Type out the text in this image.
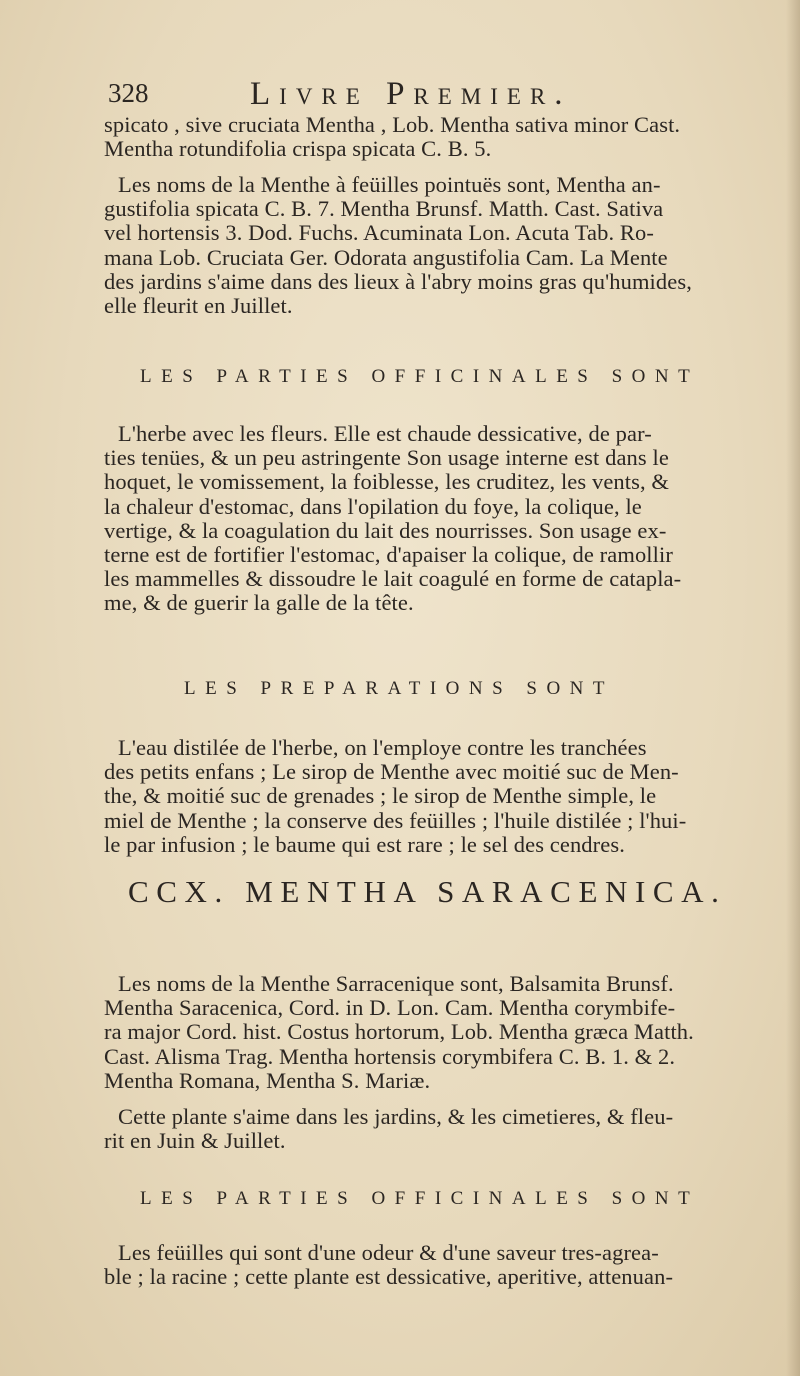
328	Livre Premier.

spicato , sive cruciata Mentha , Lob. Mentha sativa minor Cast.

Mentha rotundifolia crispa spicata C. B. 5.

Les noms de la Menthe à feüilles pointuës sont, Mentha an-

gustifolia spicata C. B. 7. Mentha Brunsf. Matth. Cast. Sativa

vel hortensis 3. Dod. Fuchs. Acuminata Lon. Acuta Tab. Ro-

mana Lob. Cruciata Ger. Odorata angustifolia Cam. La Mente

des jardins s'aime dans des lieux à l'abry moins gras qu'humides,

elle fleurit en Juillet.

LES PARTIES OFFICINALES SONT

L'herbe avec les fleurs. Elle est chaude dessicative, de par-

ties tenües, & un peu astringente Son usage interne est dans le

hoquet, le vomissement, la foiblesse, les cruditez, les vents, &

la chaleur d'estomac, dans l'opilation du foye, la colique, le

vertige, & la coagulation du lait des nourrisses. Son usage ex-

terne est de fortifier l'estomac, d'apaiser la colique, de ramollir

les mammelles & dissoudre le lait coagulé en forme de catapla-

me, & de guerir la galle de la tête.

LES PREPARATIONS SONT

L'eau distilée de l'herbe, on l'employe contre les tranchées

des petits enfans ; Le sirop de Menthe avec moitié suc de Men-

the, & moitié suc de grenades ; le sirop de Menthe simple, le

miel de Menthe ; la conserve des feüilles ; l'huile distilée ; l'hui-

le par infusion ; le baume qui est rare ; le sel des cendres.

CCX. MENTHA SARACENICA.

Les noms de la Menthe Sarracenique sont, Balsamita Brunsf.

Mentha Saracenica, Cord. in D. Lon. Cam. Mentha corymbife-

ra major Cord. hist. Costus hortorum, Lob. Mentha græca Matth.

Cast. Alisma Trag. Mentha hortensis corymbifera C. B. 1. & 2.

Mentha Romana, Mentha S. Mariæ.

Cette plante s'aime dans les jardins, & les cimetieres, & fleu-

rit en Juin & Juillet.

LES PARTIES OFFICINALES SONT

Les feüilles qui sont d'une odeur & d'une saveur tres-agrea-

ble ; la racine ; cette plante est dessicative, aperitive, attenuan-
